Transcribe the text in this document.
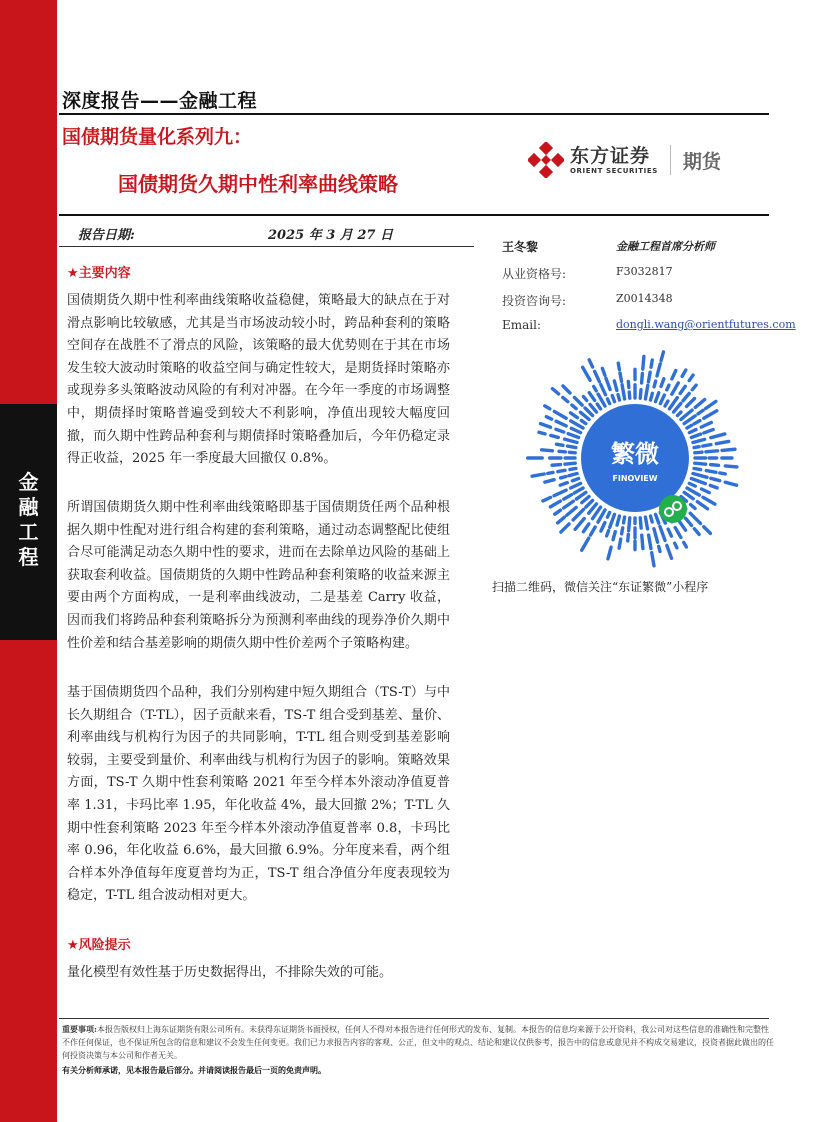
金
融
工
程
深度报告——金融工程
国债期货量化系列九：
国债期货久期中性利率曲线策略
东方证券
ORIENT SECURITIES 期货
报告日期:	2025 年 3 月 27 日
★主要内容
国债期货久期中性利率曲线策略收益稳健，策略最大的缺点在于对滑点影响比较敏感，尤其是当市场波动较小时，跨品种套利的策略空间存在战胜不了滑点的风险，该策略的最大优势则在于其在市场发生较大波动时策略的收益空间与确定性较大，是期货择时策略亦或现券多头策略波动风险的有利对冲器。在今年一季度的市场调整中，期债择时策略普遍受到较大不利影响，净值出现较大幅度回撤，而久期中性跨品种套利与期债择时策略叠加后，今年仍稳定录得正收益，2025 年一季度最大回撤仅 0.8%。
所谓国债期货久期中性利率曲线策略即基于国债期货任两个品种根据久期中性配对进行组合构建的套利策略，通过动态调整配比使组合尽可能满足动态久期中性的要求，进而在去除单边风险的基础上获取套利收益。国债期货的久期中性跨品种套利策略的收益来源主要由两个方面构成，一是利率曲线波动，二是基差 Carry 收益，因而我们将跨品种套利策略拆分为预测利率曲线的现券净价久期中性价差和结合基差影响的期债久期中性价差两个子策略构建。
基于国债期货四个品种，我们分别构建中短久期组合（TS-T）与中长久期组合（T-TL），因子贡献来看，TS-T 组合受到基差、量价、利率曲线与机构行为因子的共同影响，T-TL 组合则受到基差影响较弱，主要受到量价、利率曲线与机构行为因子的影响。策略效果方面，TS-T 久期中性套利策略 2021 年至今样本外滚动净值夏普率 1.31，卡玛比率 1.95，年化收益 4%，最大回撤 2%；T-TL 久期中性套利策略 2023 年至今样本外滚动净值夏普率 0.8，卡玛比率 0.96，年化收益 6.6%，最大回撤 6.9%。分年度来看，两个组合样本外净值每年度夏普均为正，TS-T 组合净值分年度表现较为稳定，T-TL 组合波动相对更大。
★风险提示
量化模型有效性基于历史数据得出，不排除失效的可能。
王冬黎	金融工程首席分析师
从业资格号:	F3032817
投资咨询号:	Z0014348
Email:	dongli.wang@orientfutures.com
繁微
FINOVIEW
扫描二维码，微信关注“东证繁微”小程序
重要事项:本报告版权归上海东证期货有限公司所有。未获得东证期货书面授权，任何人不得对本报告进行任何形式的发布、复制。本报告的信息均来源于公开资料，我公司对这些信息的准确性和完整性不作任何保证，也不保证所包含的信息和建议不会发生任何变更。我们已力求报告内容的客观、公正，但文中的观点、结论和建议仅供参考，报告中的信息或意见并不构成交易建议，投资者据此做出的任何投资决策与本公司和作者无关。
有关分析师承诺，见本报告最后部分。并请阅读报告最后一页的免责声明。
